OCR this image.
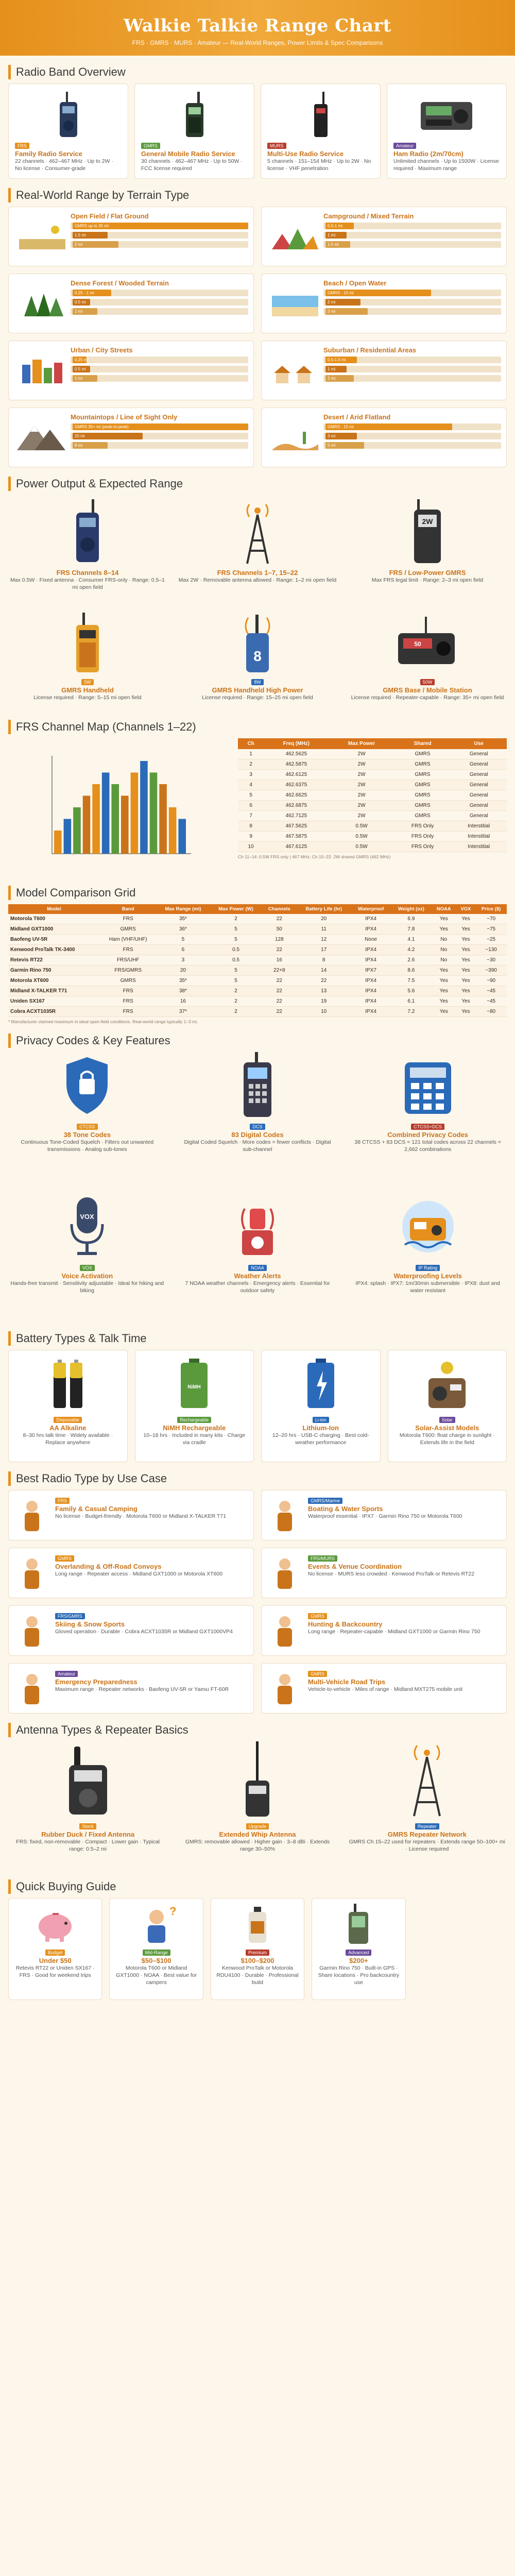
Walkie Talkie Range Chart

FRS · GMRS · MURS · Amateur — Real-World Ranges, Power Limits & Spec Comparisons

Radio Band Overview
FRS
Family Radio Service
22 channels · 462–467 MHz · Up to 2W · No license · Consumer-grade
GMRS
General Mobile Radio Service
30 channels · 462–467 MHz · Up to 50W · FCC license required
MURS
Multi-Use Radio Service
5 channels · 151–154 MHz · Up to 2W · No license · VHF penetration
Amateur
Ham Radio (2m/70cm)
Unlimited channels · Up to 1500W · License required · Maximum range
Real-World Range by Terrain Type
Open Field / Flat Ground
GMRS up to 35 mi
1.5 mi
2 mi
Campground / Mixed Terrain
0.5-1 mi
1 mi
1.5 mi
Dense Forest / Wooded Terrain
0.25 - 1 mi
0.5 mi
1 mi
Beach / Open Water
GMRS - 10 mi
2 mi
3 mi
Urban / City Streets
0.25 mi
0.5 mi
1 mi
Suburban / Residential Areas
0.5-1.5 mi
1 mi
2 mi
Mountaintops / Line of Sight Only
GMRS 35+ mi (peak-to-peak)
20 mi
8 mi
Desert / Arid Flatland
GMRS - 15 mi
3 mi
5 mi
Power Output & Expected Range
FRS Channels 8–14
Max 0.5W · Fixed antenna · Consumer FRS-only · Range: 0.5–1 mi open field
FRS Channels 1–7, 15–22
Max 2W · Removable antenna allowed · Range: 1–2 mi open field
2W
FRS / Low-Power GMRS
Max FRS legal limit · Range: 2–3 mi open field
5W
GMRS Handheld
License required · Range: 5–15 mi open field
8
8W
GMRS Handheld High Power
License required · Range: 15–25 mi open field
50
50W
GMRS Base / Mobile Station
License required · Repeater-capable · Range: 35+ mi open field
FRS Channel Map (Channels 1–22)
Ch	Freq (MHz)	Max Power	Shared	Use
1	462.5625	2W	GMRS	General
2	462.5875	2W	GMRS	General
3	462.6125	2W	GMRS	General
4	462.6375	2W	GMRS	General
5	462.6625	2W	GMRS	General
6	462.6875	2W	GMRS	General
7	462.7125	2W	GMRS	General
8	467.5625	0.5W	FRS Only	Interstitial
9	467.5875	0.5W	FRS Only	Interstitial
10	467.6125	0.5W	FRS Only	Interstitial
Ch 11–14: 0.5W FRS only | 467 MHz; Ch 15–22: 2W shared GMRS (462 MHz)
Model Comparison Grid
Model	Band	Max Range (mi)	Max Power (W)	Channels	Battery Life (hr)	Waterproof	Weight (oz)	NOAA	VOX	Price ($)
Motorola T600	FRS	35*	2	22	20	IPX4	6.9	Yes	Yes	~70
Midland GXT1000	GMRS	36*	5	50	11	IPX4	7.8	Yes	Yes	~75
Baofeng UV-5R	Ham (VHF/UHF)	5	5	128	12	None	4.1	No	Yes	~25
Kenwood ProTalk TK-3400	FRS	6	0.5	22	17	IPX4	4.2	No	Yes	~130
Retevis RT22	FRS/UHF	3	0.5	16	8	IPX4	2.6	No	Yes	~30
Garmin Rino 750	FRS/GMRS	20	5	22+8	14	IPX7	8.6	Yes	Yes	~390
Motorola XT600	GMRS	35*	5	22	22	IPX4	7.5	Yes	Yes	~90
Midland X-TALKER T71	FRS	38*	2	22	13	IPX4	5.6	Yes	Yes	~45
Uniden SX167	FRS	16	2	22	19	IPX4	6.1	Yes	Yes	~45
Cobra ACXT1035R	FRS	37*	2	22	10	IPX4	7.2	Yes	Yes	~80
* Manufacturer claimed maximum in ideal open-field conditions. Real-world range typically 1–3 mi.
Privacy Codes & Key Features
CTCSS
38 Tone Codes
Continuous Tone-Coded Squelch · Filters out unwanted transmissions · Analog sub-tones
DCS
83 Digital Codes
Digital Coded Squelch · More codes = fewer conflicts · Digital sub-channel
CTCSS+DCS
Combined Privacy Codes
38 CTCSS + 83 DCS = 121 total codes across 22 channels = 2,662 combinations
VOX
VOX
Voice Activation
Hands-free transmit · Sensitivity adjustable · Ideal for hiking and biking
NOAA
Weather Alerts
7 NOAA weather channels · Emergency alerts · Essential for outdoor safety
IP Rating
Waterproofing Levels
IPX4: splash · IPX7: 1m/30min submersible · IPX8: dust and water resistant
Battery Types & Talk Time
Disposable
AA Alkaline
8–30 hrs talk time · Widely available · Replace anywhere
NiMH
Rechargeable
NiMH Rechargeable
10–18 hrs · Included in many kits · Charge via cradle
Li-ion
Lithium-Ion
12–20 hrs · USB-C charging · Best cold-weather performance
Solar
Solar-Assist Models
Motorola T600: float charge in sunlight · Extends life in the field
Best Radio Type by Use Case
FRS
Family & Casual Camping
No license · Budget-friendly · Motorola T600 or Midland X-TALKER T71
GMRS/Marine
Boating & Water Sports
Waterproof essential · IPX7 · Garmin Rino 750 or Motorola T600
GMRS
Overlanding & Off-Road Convoys
Long range · Repeater access · Midland GXT1000 or Motorola XT600
FRS/MURS
Events & Venue Coordination
No license · MURS less crowded · Kenwood ProTalk or Retevis RT22
FRS/GMRS
Skiing & Snow Sports
Gloved operation · Durable · Cobra ACXT1035R or Midland GXT1000VP4
GMRS
Hunting & Backcountry
Long range · Repeater-capable · Midland GXT1000 or Garmin Rino 750
Amateur
Emergency Preparedness
Maximum range · Repeater networks · Baofeng UV-5R or Yaesu FT-60R
GMRS
Multi-Vehicle Road Trips
Vehicle-to-vehicle · Miles of range · Midland MXT275 mobile unit
Antenna Types & Repeater Basics
Stock
Rubber Duck / Fixed Antenna
FRS: fixed, non-removable · Compact · Lower gain · Typical range: 0.5–2 mi
Upgrade
Extended Whip Antenna
GMRS: removable allowed · Higher gain · 3–8 dBi · Extends range 30–50%
Repeater
GMRS Repeater Network
GMRS Ch 15–22 used for repeaters · Extends range 50–100+ mi · License required
Quick Buying Guide
Budget
Under $50
Retevis RT22 or Uniden SX167 · FRS · Good for weekend trips
?
Mid-Range
$50–$100
Motorola T600 or Midland GXT1000 · NOAA · Best value for campers
Premium
$100–$200
Kenwood ProTalk or Motorola RDU4100 · Durable · Professional build
Advanced
$200+
Garmin Rino 750 · Built-in GPS · Share locations · Pro backcountry use
